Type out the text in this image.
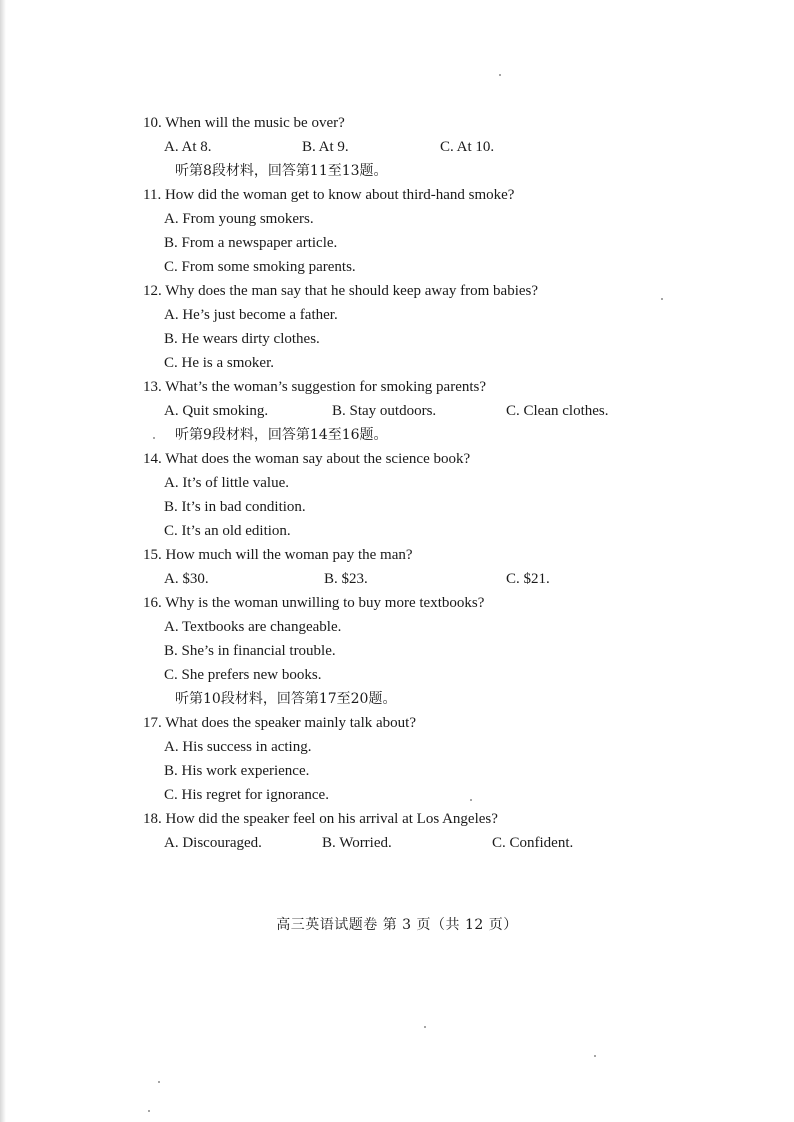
10. When will the music be over?
A. At 8.	B. At 9.	C. At 10.
听第8段材料，回答第11至13题。
11. How did the woman get to know about third-hand smoke?
A. From young smokers.
B. From a newspaper article.
C. From some smoking parents.
12. Why does the man say that he should keep away from babies?
A. He’s just become a father.
B. He wears dirty clothes.
C. He is a smoker.
13. What’s the woman’s suggestion for smoking parents?
A. Quit smoking.	B. Stay outdoors.	C. Clean clothes.
听第9段材料，回答第14至16题。
14. What does the woman say about the science book?
A. It’s of little value.
B. It’s in bad condition.
C. It’s an old edition.
15. How much will the woman pay the man?
A. $30.	B. $23.	C. $21.
16. Why is the woman unwilling to buy more textbooks?
A. Textbooks are changeable.
B. She’s in financial trouble.
C. She prefers new books.
听第10段材料，回答第17至20题。
17. What does the speaker mainly talk about?
A. His success in acting.
B. His work experience.
C. His regret for ignorance.
18. How did the speaker feel on his arrival at Los Angeles?
A. Discouraged.	B. Worried.	C. Confident.
高三英语试题卷 第 3 页（共 12 页）
